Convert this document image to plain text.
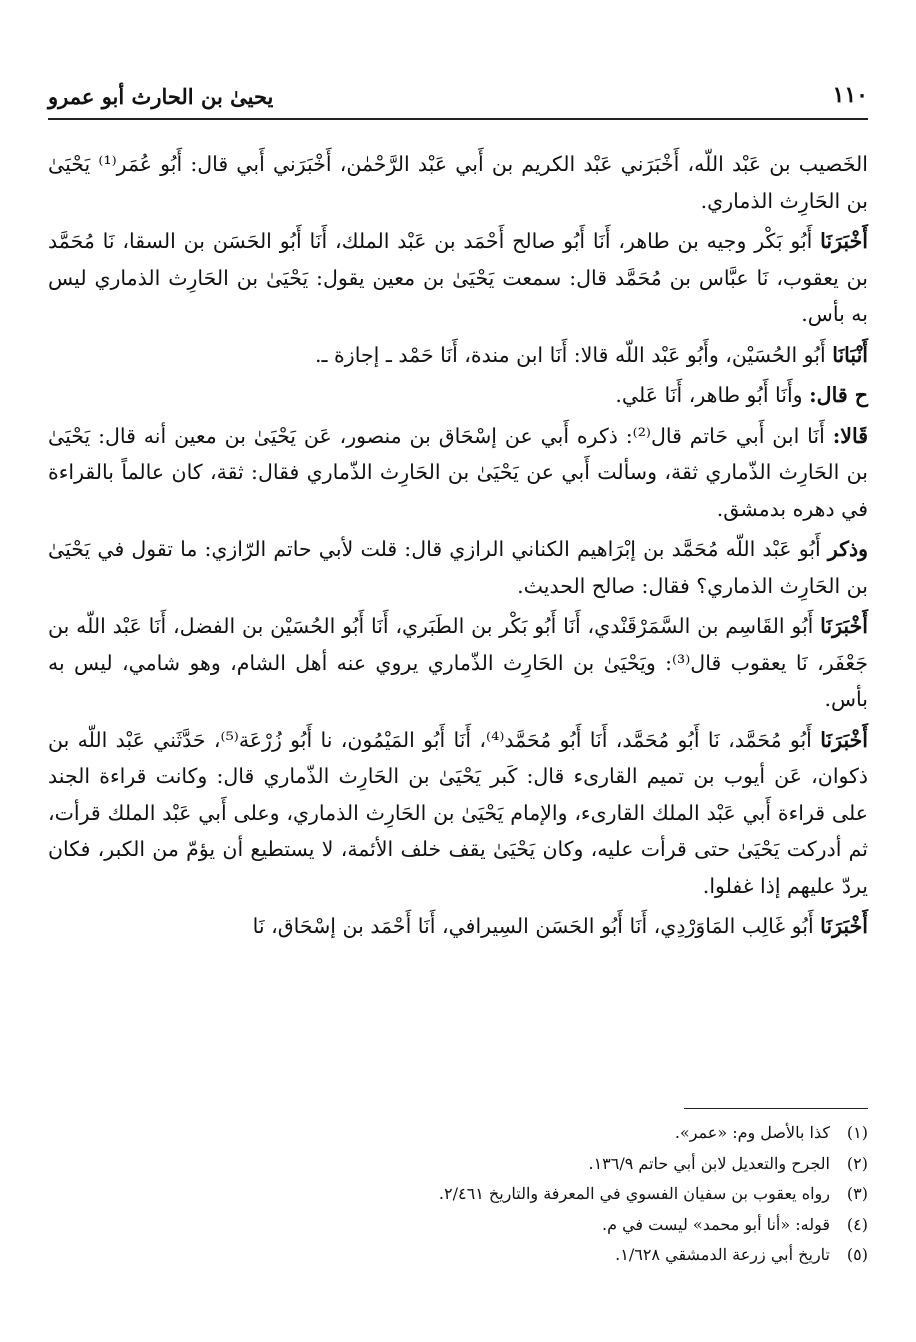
١١٠
يحيىٰ بن الحارث أبو عمرو

الخَصيب بن عَبْد اللّه، أَخْبَرَني عَبْد الكريم بن أَبي عَبْد الرَّحْمٰن، أَخْبَرَني أَبي قال: أَبُو عُمَر⁽¹⁾ يَحْيَىٰ بن الحَارِث الذماري.

أَخْبَرَنَا أَبُو بَكْر وجيه بن طاهر، أَنَا أَبُو صالح أَحْمَد بن عَبْد الملك، أَنَا أَبُو الحَسَن بن السقا، نَا مُحَمَّد بن يعقوب، نَا عبَّاس بن مُحَمَّد قال: سمعت يَحْيَىٰ بن معين يقول: يَحْيَىٰ بن الحَارِث الذماري ليس به بأس.

أَنْبَانَا أَبُو الحُسَيْن، وأَبُو عَبْد اللّه قالا: أَنَا ابن مندة، أَنَا حَمْد ـ إجازة ـ.

ح قال: وأَنَا أَبُو طاهر، أَنَا عَلي.

قَالا: أَنَا ابن أَبي حَاتم قال⁽²⁾: ذكره أَبي عن إسْحَاق بن منصور، عَن يَحْيَىٰ بن معين أنه قال: يَحْيَىٰ بن الحَارِث الذّماري ثقة، وسألت أَبي عن يَحْيَىٰ بن الحَارِث الذّماري فقال: ثقة، كان عالماً بالقراءة في دهره بدمشق.

وذكر أَبُو عَبْد اللّه مُحَمَّد بن إبْرَاهيم الكناني الرازي قال: قلت لأبي حاتم الرّازي: ما تقول في يَحْيَىٰ بن الحَارِث الذماري؟ فقال: صالح الحديث.

أَخْبَرَنَا أَبُو القَاسِم بن السَّمَرْقَنْدي، أَنَا أَبُو بَكْر بن الطَبَري، أَنَا أَبُو الحُسَيْن بن الفضل، أَنَا عَبْد اللّه بن جَعْفَر، نَا يعقوب قال⁽³⁾: ويَحْيَىٰ بن الحَارِث الذّماري يروي عنه أهل الشام، وهو شامي، ليس به بأس.

أَخْبَرَنَا أَبُو مُحَمَّد، نَا أَبُو مُحَمَّد، أَنَا أَبُو مُحَمَّد⁽⁴⁾، أَنَا أَبُو المَيْمُون، نا أَبُو زُرْعَة⁽⁵⁾، حَدَّثَني عَبْد اللّه بن ذكوان، عَن أيوب بن تميم القارىء قال: كَبر يَحْيَىٰ بن الحَارِث الذّماري قال: وكانت قراءة الجند على قراءة أَبي عَبْد الملك القارىء، والإمام يَحْيَىٰ بن الحَارِث الذماري، وعلى أَبي عَبْد الملك قرأت، ثم أدركت يَحْيَىٰ حتى قرأت عليه، وكان يَحْيَىٰ يقف خلف الأئمة، لا يستطيع أن يؤمّ من الكبر، فكان يردّ عليهم إذا غفلوا.

أَخْبَرَنَا أَبُو غَالِب المَاوَرْدِي، أَنَا أَبُو الحَسَن السِيرافي، أَنَا أَحْمَد بن إسْحَاق، نَا

(١)كذا بالأصل وم: «عمر».
(٢)الجرح والتعديل لابن أبي حاتم ١٣٦/٩.
(٣)رواه يعقوب بن سفيان الفسوي في المعرفة والتاريخ ٢/٤٦١.
(٤)قوله: «أنا أبو محمد» ليست في م.
(٥)تاريخ أبي زرعة الدمشقي ١/٦٢٨.
